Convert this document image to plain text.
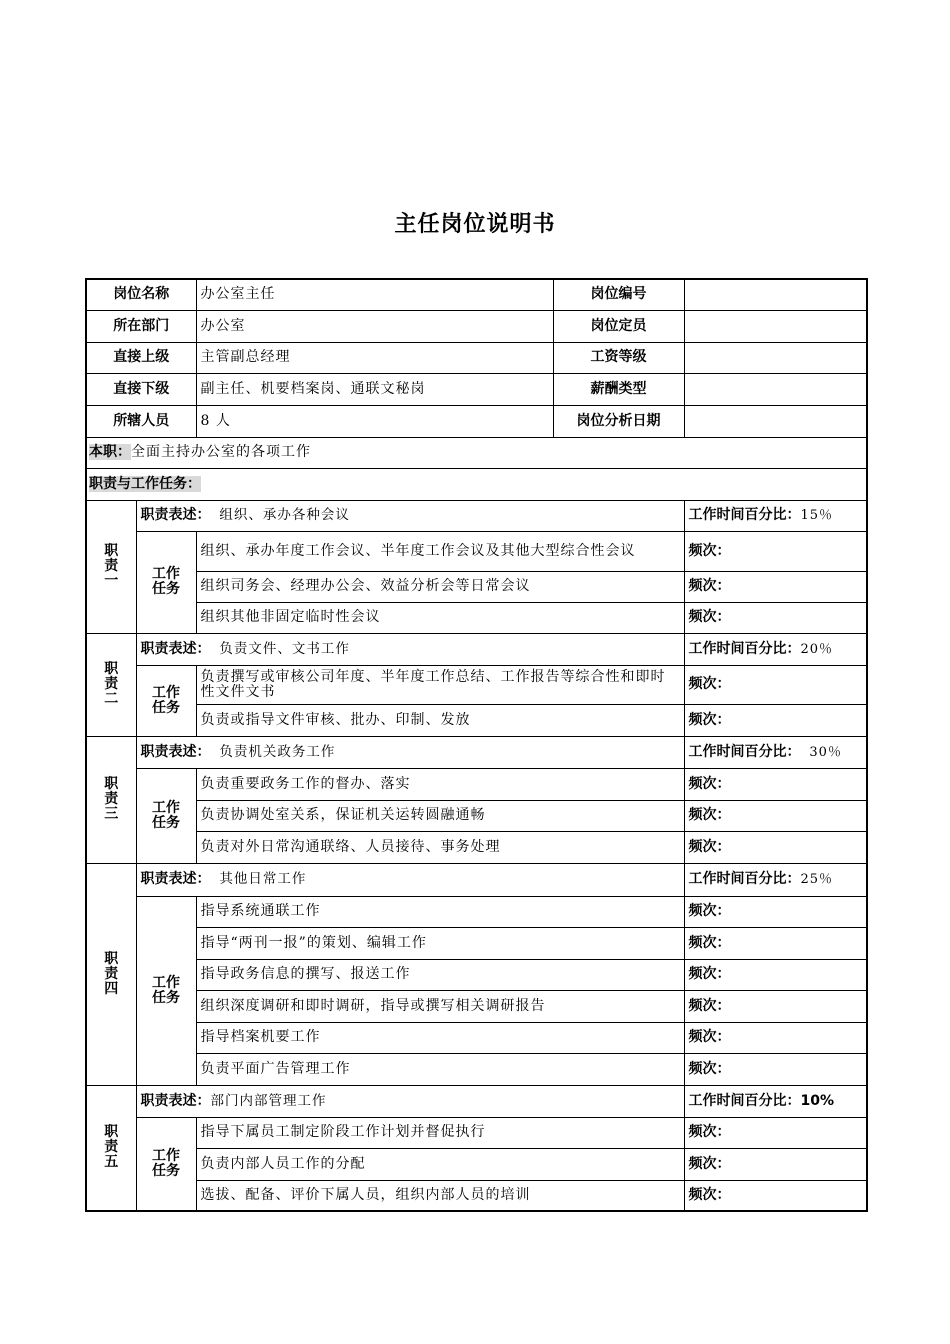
主任岗位说明书
岗位名称		办公室主任	岗位编号	
所在部门		办公室	岗位定员	
直接上级		主管副总经理	工资等级	
直接下级		副主任、机要档案岗、通联文秘岗	薪酬类型	
所辖人员		8 人	岗位分析日期	
本职：全面主持办公室的各项工作				
职责与工作任务：				
职
责
一	职责表述： 组织、承办各种会议			工作时间百分比：15％
	工作
任务	组织、承办年度工作会议、半年度工作会议及其他大型综合性会议		频次：
		组织司务会、经理办公会、效益分析会等日常会议		频次：
		组织其他非固定临时性会议		频次：
职
责
二	职责表述： 负责文件、文书工作			工作时间百分比：20％
	工作
任务	负责撰写或审核公司年度、半年度工作总结、工作报告等综合性和即时性文件文书		频次：
		负责或指导文件审核、批办、印制、发放		频次：
职
责
三	职责表述： 负责机关政务工作			工作时间百分比： 30％
	工作
任务	负责重要政务工作的督办、落实		频次：
		负责协调处室关系，保证机关运转圆融通畅		频次：
		负责对外日常沟通联络、人员接待、事务处理		频次：
职
责
四	职责表述： 其他日常工作			工作时间百分比：25％
	工作
任务	指导系统通联工作		频次：
		指导“两刊一报”的策划、编辑工作		频次：
		指导政务信息的撰写、报送工作		频次：
		组织深度调研和即时调研，指导或撰写相关调研报告		频次：
		指导档案机要工作		频次：
		负责平面广告管理工作		频次：
职
责
五	职责表述：部门内部管理工作			工作时间百分比：10%
	工作
任务	指导下属员工制定阶段工作计划并督促执行		频次：
		负责内部人员工作的分配		频次：
		选拔、配备、评价下属人员，组织内部人员的培训		频次：
